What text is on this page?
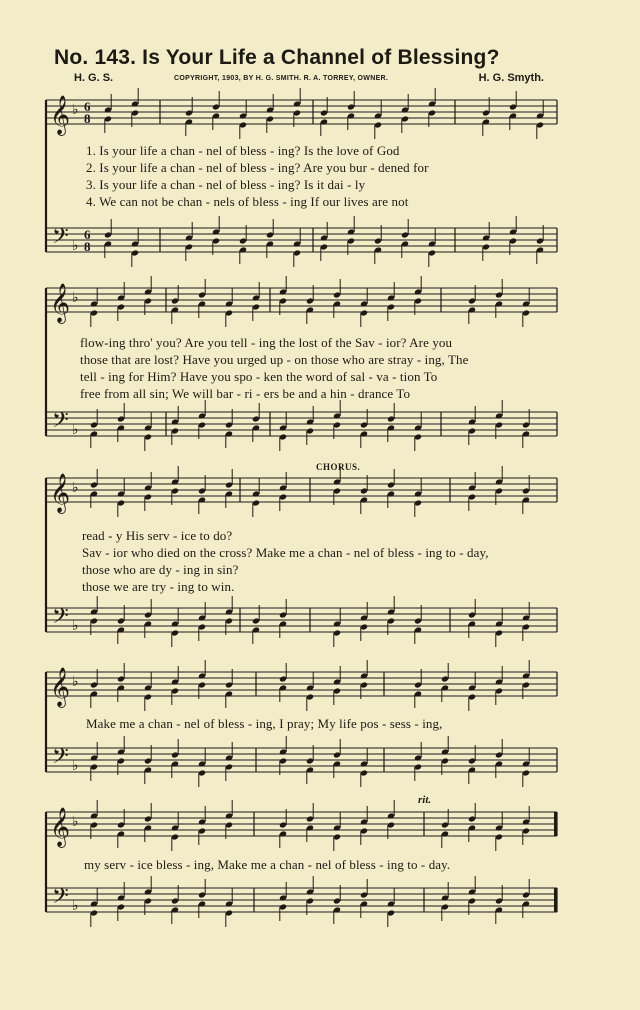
No. 143. Is Your Life a Channel of Blessing?
H. G. S.	COPYRIGHT, 1903, BY H. G. SMITH. R. A. TORREY, OWNER.	H. G. Smyth.
𝄞
𝄢
♭
♭
6
8
6
8
𝄞
𝄢
♭
♭
𝄞
𝄢
♭
♭
𝄞
𝄢
♭
♭
𝄞
𝄢
♭
♭
CHORUS.
rit.
1. Is your life a chan - nel of bless - ing? Is the love of God
2. Is your life a chan - nel of bless - ing? Are you bur - dened for
3. Is your life a chan - nel of bless - ing? Is it dai - ly
4. We can not be chan - nels of bless - ing If our lives are not
flow-ing thro' you? Are you tell - ing the lost of the Sav - ior? Are you
those that are lost? Have you urged up - on those who are stray - ing, The
tell - ing for Him? Have you spo - ken the word of sal - va - tion To
free from all sin; We will bar - ri - ers be and a hin - drance To
read - y His serv - ice to do?
Sav - ior who died on the cross? Make me a chan - nel of bless - ing to - day,
those who are dy - ing in sin?
those we are try - ing to win.
Make me a chan - nel of bless - ing, I pray; My life pos - sess - ing,
my serv - ice bless - ing, Make me a chan - nel of bless - ing to - day.
